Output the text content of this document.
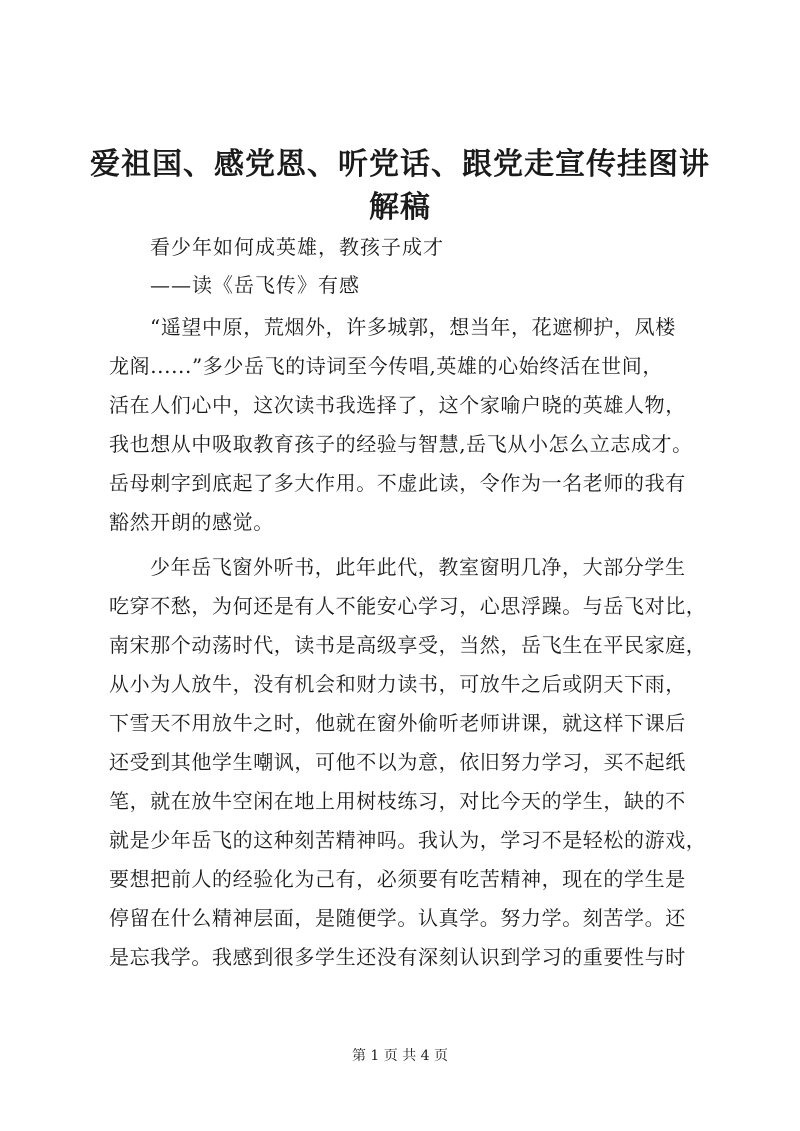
爱祖国、感党恩、听党话、跟党走宣传挂图讲
解稿
看少年如何成英雄，教孩子成才
——读《岳飞传》有感
“遥望中原，荒烟外，许多城郭，想当年，花遮柳护，凤楼
龙阁......”多少岳飞的诗词至今传唱,英雄的心始终活在世间，
活在人们心中，这次读书我选择了，这个家喻户晓的英雄人物，
我也想从中吸取教育孩子的经验与智慧,岳飞从小怎么立志成才。
岳母刺字到底起了多大作用。不虚此读，令作为一名老师的我有
豁然开朗的感觉。
少年岳飞窗外听书，此年此代，教室窗明几净，大部分学生
吃穿不愁，为何还是有人不能安心学习，心思浮躁。与岳飞对比，
南宋那个动荡时代，读书是高级享受，当然，岳飞生在平民家庭，
从小为人放牛，没有机会和财力读书，可放牛之后或阴天下雨，
下雪天不用放牛之时，他就在窗外偷听老师讲课，就这样下课后
还受到其他学生嘲讽，可他不以为意，依旧努力学习，买不起纸
笔，就在放牛空闲在地上用树枝练习，对比今天的学生，缺的不
就是少年岳飞的这种刻苦精神吗。我认为，学习不是轻松的游戏，
要想把前人的经验化为己有，必须要有吃苦精神，现在的学生是
停留在什么精神层面，是随便学。认真学。努力学。刻苦学。还
是忘我学。我感到很多学生还没有深刻认识到学习的重要性与时
第 1 页 共 4 页
